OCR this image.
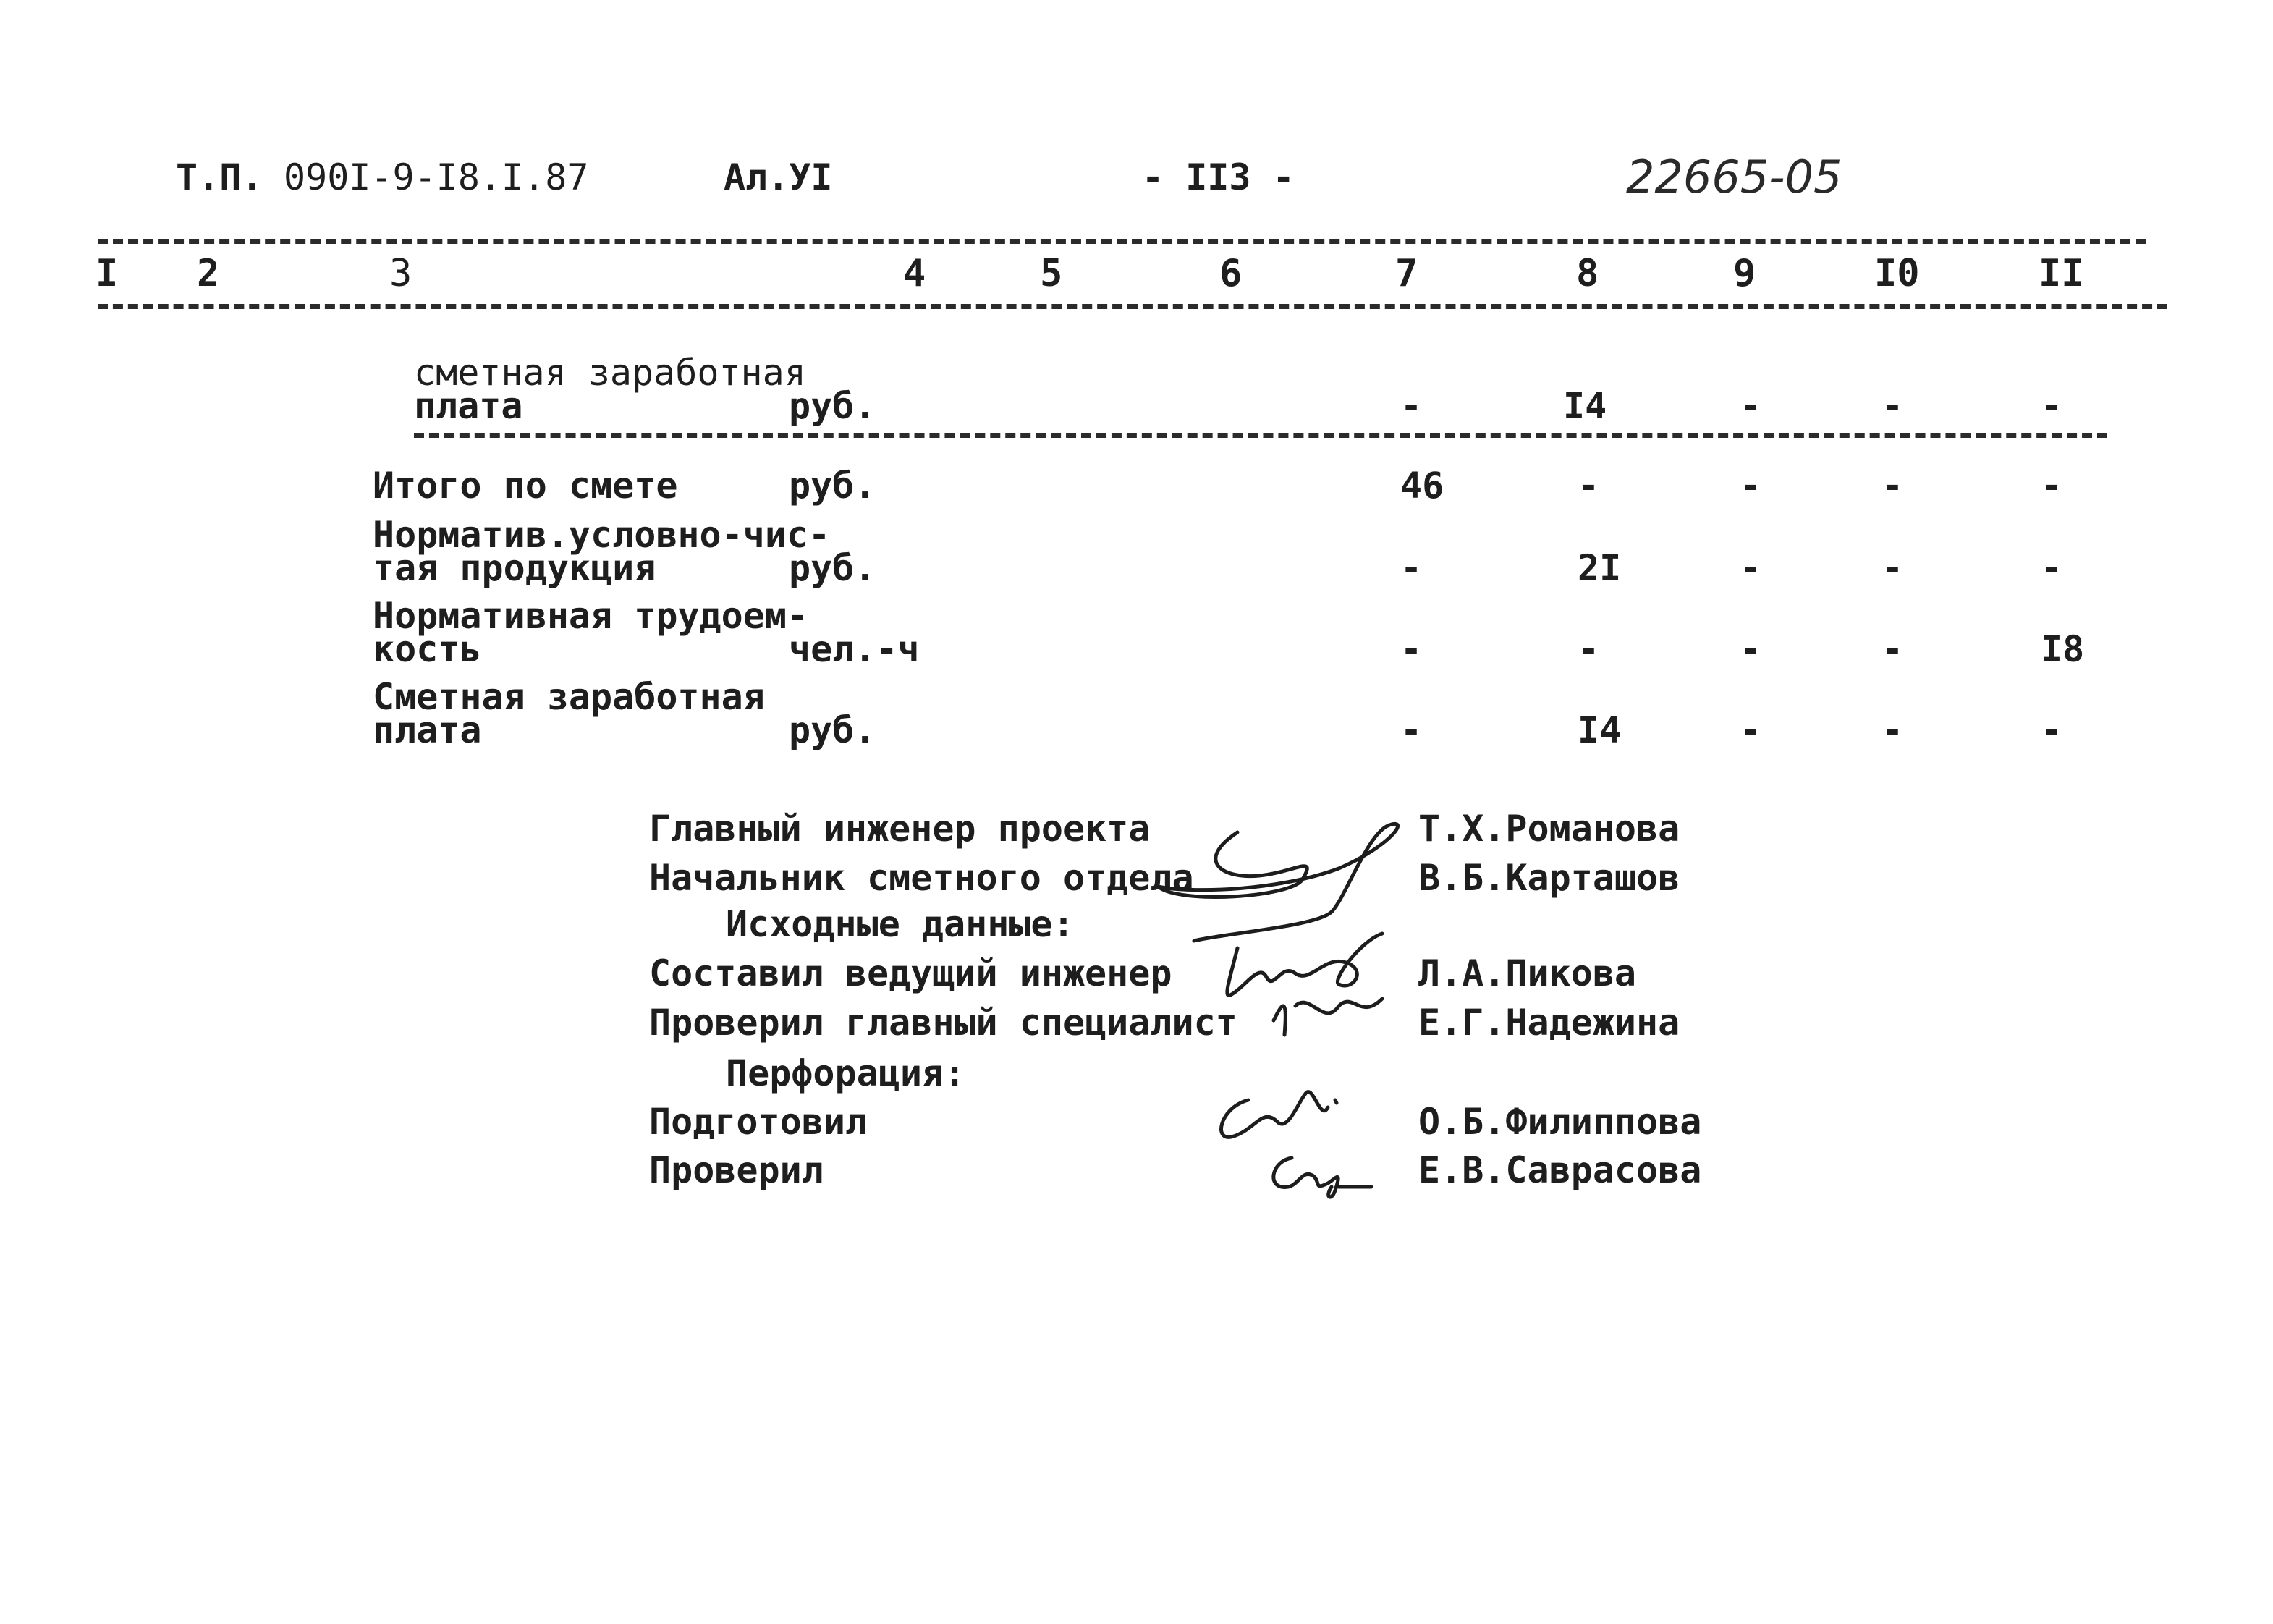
Т.П. 090I-9-I8.I.87	Ал.УI	- II3 -	22665-05
I 2	3	4	5	6	7	8	9	I0	II
сметная заработная
плата	руб.	-	I4	-	-	-
Итого по смете	руб.	46	-	-	-	-
Норматив.условно-чис-
тая продукция	руб.	-	2I	-	-	-
Нормативная трудоем-
кость	чел.-ч	-	-	-	-	I8
Сметная заработная
плата	руб.	-	I4	-	-	-
Главный инженер проекта	Т.Х.Романова
Начальник сметного отдела	В.Б.Карташов
Исходные данные:
Составил ведущий инженер	Л.А.Пикова
Проверил главный специалист	Е.Г.Надежина
Перфорация:
Подготовил	О.Б.Филиппова
Проверил	Е.В.Саврасова
